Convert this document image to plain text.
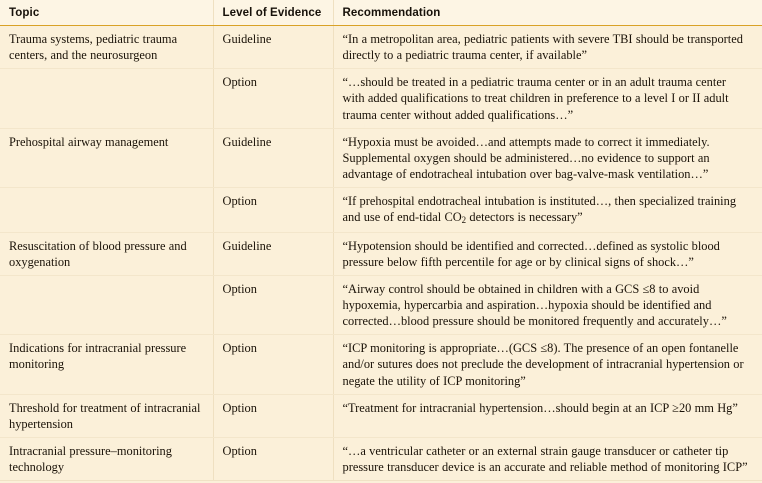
Topic	Level of Evidence	Recommendation
Trauma systems, pediatric trauma centers, and the neurosurgeon	Guideline	“In a metropolitan area, pediatric patients with severe TBI should be transported directly to a pediatric trauma center, if available”
	Option	“…should be treated in a pediatric trauma center or in an adult trauma center with added qualifications to treat children in preference to a level I or II adult trauma center without added qualifications…”
Prehospital airway management	Guideline	“Hypoxia must be avoided…and attempts made to correct it immediately. Supplemental oxygen should be administered…no evidence to support an advantage of endotracheal intubation over bag-valve-mask ventilation…”
	Option	“If prehospital endotracheal intubation is instituted…, then specialized training and use of end-tidal $CO_2$ detectors is necessary”
Resuscitation of blood pressure and oxygenation	Guideline	“Hypotension should be identified and corrected…defined as systolic blood pressure below fifth percentile for age or by clinical signs of shock…”
	Option	“Airway control should be obtained in children with a GCS ≤8 to avoid hypoxemia, hypercarbia and aspiration…hypoxia should be identified and corrected…blood pressure should be monitored frequently and accurately…”
Indications for intracranial pressure monitoring	Option	“ICP monitoring is appropriate…(GCS ≤8). The presence of an open fontanelle and/or sutures does not preclude the development of intracranial hypertension or negate the utility of ICP monitoring”
Threshold for treatment of intracranial hypertension	Option	“Treatment for intracranial hypertension…should begin at an ICP ≥20 mm Hg”
Intracranial pressure–monitoring technology	Option	“…a ventricular catheter or an external strain gauge transducer or catheter tip pressure transducer device is an accurate and reliable method of monitoring ICP”
